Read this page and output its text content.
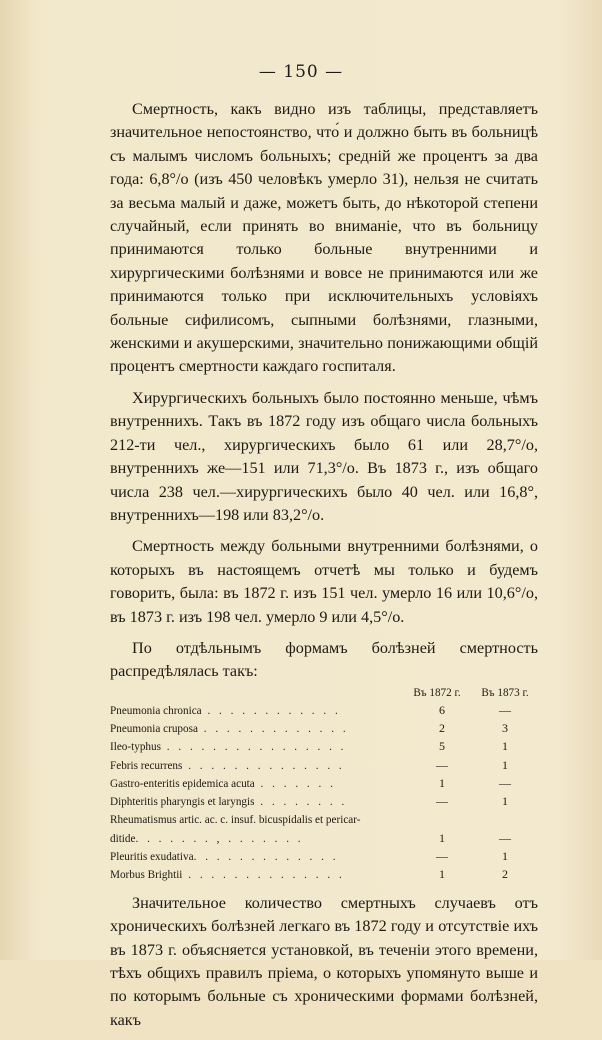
— 150 —

Смертность, какъ видно изъ таблицы, представляетъ значительное непостоянство, что́ и должно быть въ больницѣ съ малымъ числомъ больныхъ; средній же процентъ за два года: 6,8°/o (изъ 450 человѣкъ умерло 31), нельзя не считать за весьма малый и даже, можетъ быть, до нѣкоторой степени случайный, если принять во вниманіе, что въ больницу принимаются только больные внутренними и хирургическими болѣзнями и вовсе не принимаются или же принимаются только при исключительныхъ условіяхъ больные сифилисомъ, сыпными болѣзнями, глазными, женскими и акушерскими, значительно понижающими общій процентъ смертности каждаго госпиталя.

Хирургическихъ больныхъ было постоянно меньше, чѣмъ внутреннихъ. Такъ въ 1872 году изъ общаго числа больныхъ 212-ти чел., хирургическихъ было 61 или 28,7°/o, внутреннихъ же—151 или 71,3°/o. Въ 1873 г., изъ общаго числа 238 чел.—хирургическихъ было 40 чел. или 16,8°, внутреннихъ—198 или 83,2°/o.

Смертность между больными внутренними болѣзнями, о которыхъ въ настоящемъ отчетѣ мы только и будемъ говорить, была: въ 1872 г. изъ 151 чел. умерло 16 или 10,6°/o, въ 1873 г. изъ 198 чел. умерло 9 или 4,5°/o.

По отдѣльнымъ формамъ болѣзней смертность распредѣлялась такъ:

Въ 1872 г.	Въ 1873 г.
Pneumonia chronica . . . . . . . . . . . .	6	—
Pneumonia cruposa . . . . . . . . . . . . .	2	3
Ileo-typhus . . . . . . . . . . . . . . . .	5	1
Febris recurrens . . . . . . . . . . . . . .	—	1
Gastro-enteritis epidemica acuta . . . . . . .	1	—
Diphteritis pharyngis et laryngis . . . . . . . .	—	1
Rheumatismus artic. ac. c. insuf. bicuspidalis et pericar-
ditide. . . . . . . , . . . . . . .	1	—
Pleuritis exudativa. . . . . . . . . . . . .	—	1
Morbus Brightii . . . . . . . . . . . . . .	1	2

Значительное количество смертныхъ случаевъ отъ хроническихъ болѣзней легкаго въ 1872 году и отсутствіе ихъ въ 1873 г. объясняется установкой, въ теченіи этого времени, тѣхъ общихъ правилъ пріема, о которыхъ упомянуто выше и по которымъ больные съ хроническими формами болѣзней, какъ
